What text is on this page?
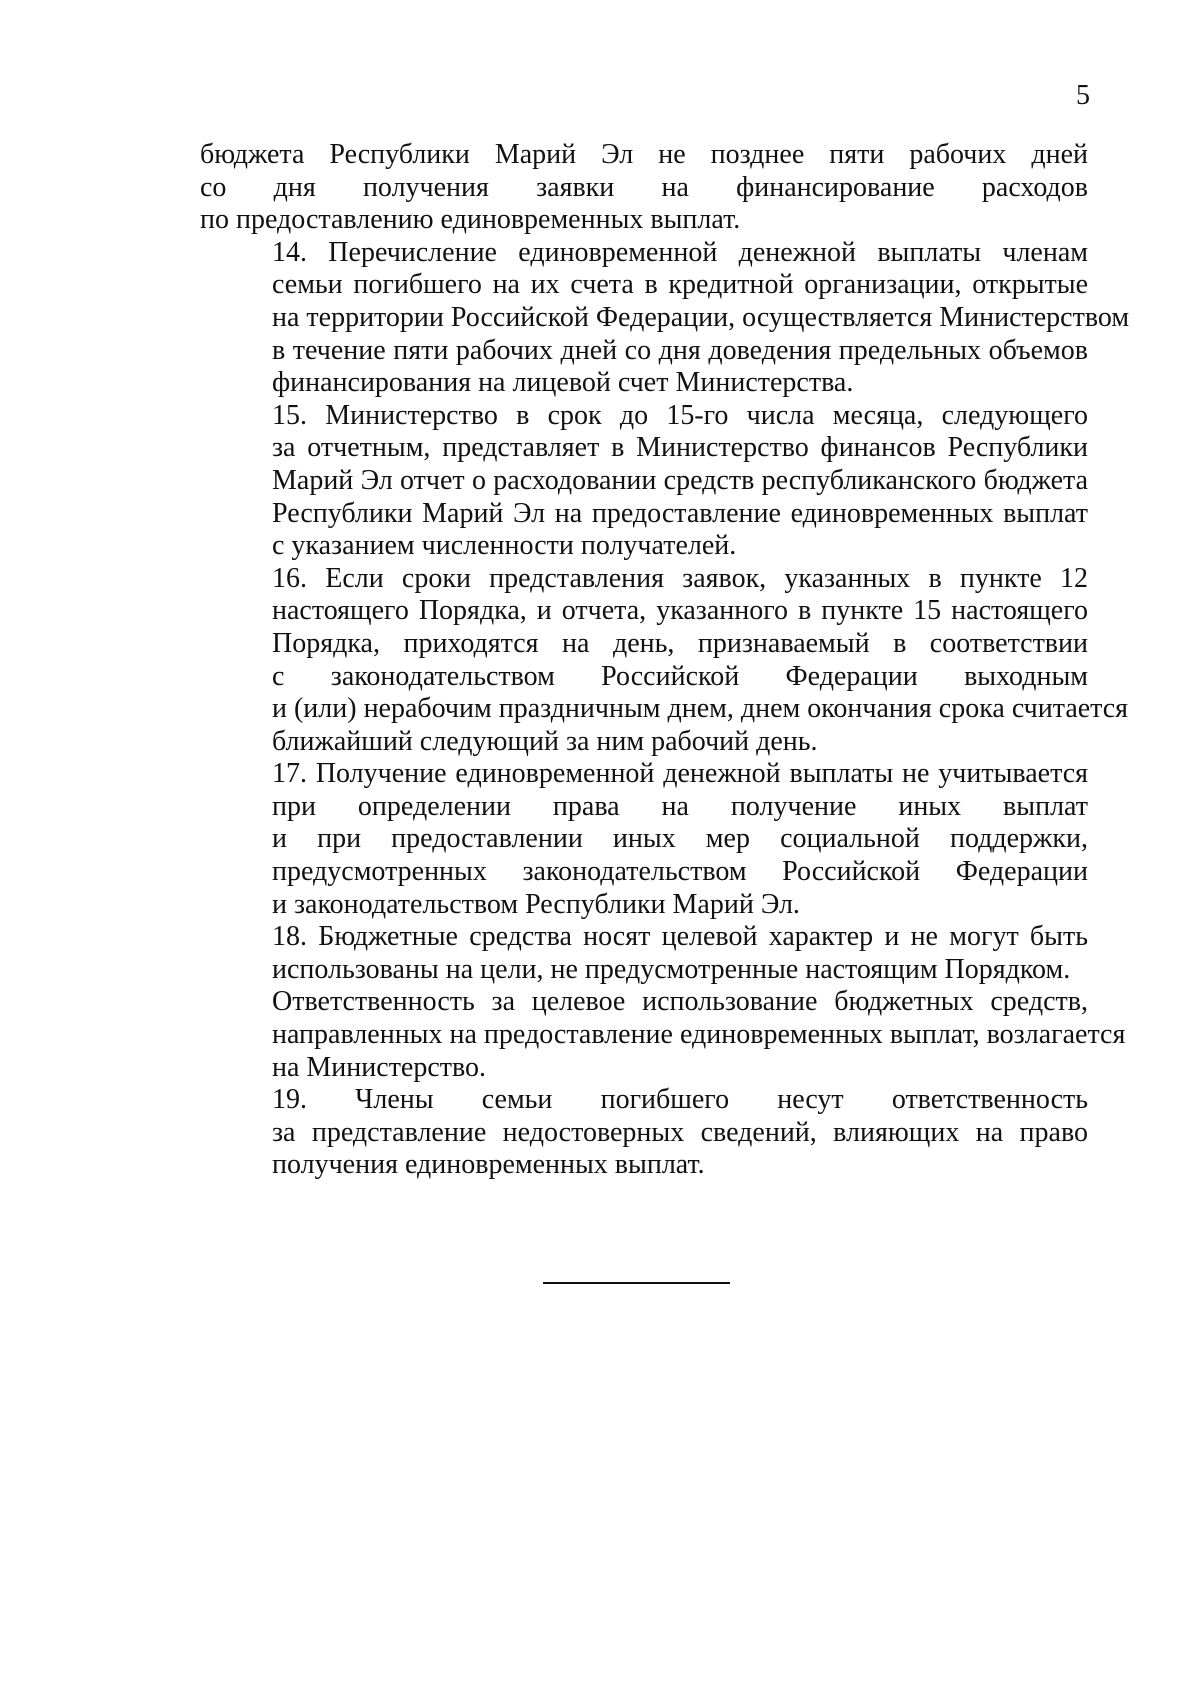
5
бюджета Республики Марий Эл не позднее пяти рабочих дней
со дня получения заявки на финансирование расходов
по предоставлению единовременных выплат.
14. Перечисление единовременной денежной выплаты членам
семьи погибшего на их счета в кредитной организации, открытые
на территории Российской Федерации, осуществляется Министерством
в течение пяти рабочих дней со дня доведения предельных объемов
финансирования на лицевой счет Министерства.
15. Министерство в срок до 15-го числа месяца, следующего
за отчетным, представляет в Министерство финансов Республики
Марий Эл отчет о расходовании средств республиканского бюджета
Республики Марий Эл на предоставление единовременных выплат
с указанием численности получателей.
16. Если сроки представления заявок, указанных в пункте 12
настоящего Порядка, и отчета, указанного в пункте 15 настоящего
Порядка, приходятся на день, признаваемый в соответствии
с законодательством Российской Федерации выходным
и (или) нерабочим праздничным днем, днем окончания срока считается
ближайший следующий за ним рабочий день.
17. Получение единовременной денежной выплаты не учитывается
при определении права на получение иных выплат
и при предоставлении иных мер социальной поддержки,
предусмотренных законодательством Российской Федерации
и законодательством Республики Марий Эл.
18. Бюджетные средства носят целевой характер и не могут быть
использованы на цели, не предусмотренные настоящим Порядком.
Ответственность за целевое использование бюджетных средств,
направленных на предоставление единовременных выплат, возлагается
на Министерство.
19. Члены семьи погибшего несут ответственность
за представление недостоверных сведений, влияющих на право
получения единовременных выплат.
